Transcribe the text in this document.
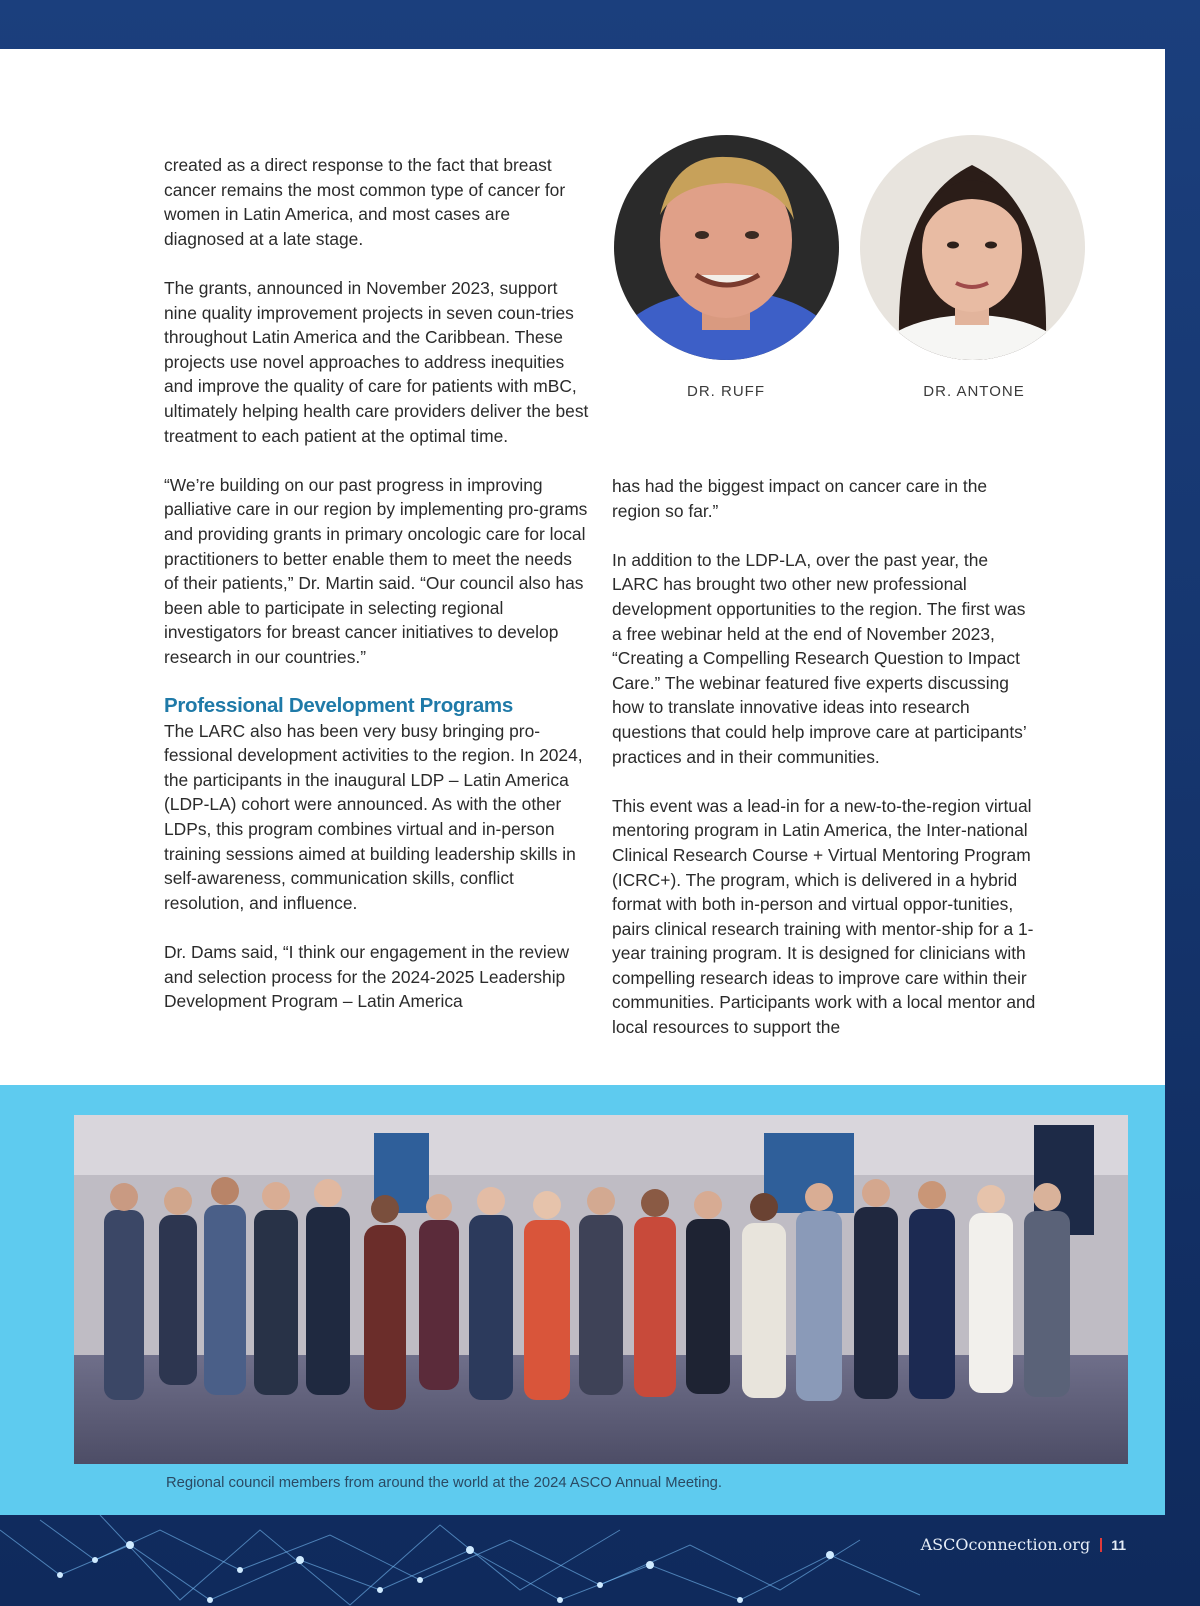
created as a direct response to the fact that breast cancer remains the most common type of cancer for women in Latin America, and most cases are diagnosed at a late stage.

The grants, announced in November 2023, support nine quality improvement projects in seven coun-tries throughout Latin America and the Caribbean. These projects use novel approaches to address inequities and improve the quality of care for patients with mBC, ultimately helping health care providers deliver the best treatment to each patient at the optimal time.

“We’re building on our past progress in improving palliative care in our region by implementing pro-grams and providing grants in primary oncologic care for local practitioners to better enable them to meet the needs of their patients,” Dr. Martin said. “Our council also has been able to participate in selecting regional investigators for breast cancer initiatives to develop research in our countries.”

Professional Development Programs

The LARC also has been very busy bringing pro-fessional development activities to the region. In 2024, the participants in the inaugural LDP – Latin America (LDP-LA) cohort were announced. As with the other LDPs, this program combines virtual and in-person training sessions aimed at building leadership skills in self-awareness, communication skills, conflict resolution, and influence.

Dr. Dams said, “I think our engagement in the review and selection process for the 2024-2025 Leadership Development Program – Latin America

DR. RUFF	DR. ANTONE

has had the biggest impact on cancer care in the region so far.”

In addition to the LDP-LA, over the past year, the LARC has brought two other new professional development opportunities to the region. The first was a free webinar held at the end of November 2023, “Creating a Compelling Research Question to Impact Care.” The webinar featured five experts discussing how to translate innovative ideas into research questions that could help improve care at participants’ practices and in their communities.

This event was a lead-in for a new-to-the-region virtual mentoring program in Latin America, the Inter-national Clinical Research Course + Virtual Mentoring Program (ICRC+). The program, which is delivered in a hybrid format with both in-person and virtual oppor-tunities, pairs clinical research training with mentor-ship for a 1-year training program. It is designed for clinicians with compelling research ideas to improve care within their communities. Participants work with a local mentor and local resources to support the

Regional council members from around the world at the 2024 ASCO Annual Meeting.
ASCOconnection.org 11
